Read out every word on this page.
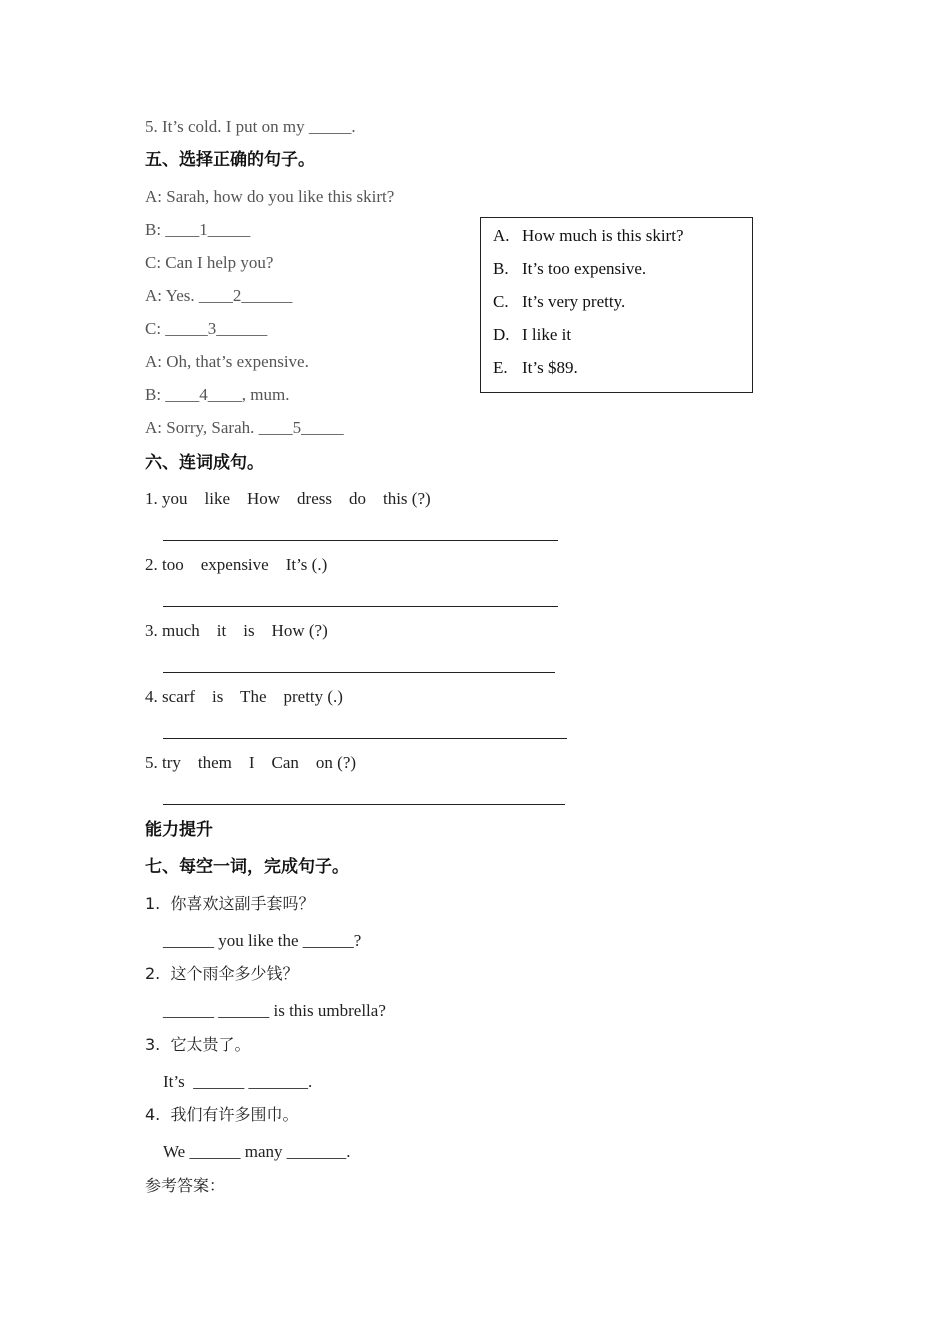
5. It’s cold. I put on my _____.
五、选择正确的句子。
A: Sarah, how do you like this skirt?
B: ____1_____
C: Can I help you?
A: Yes. ____2______
C: _____3______
A: Oh, that’s expensive.
B: ____4____, mum.
A: Sorry, Sarah. ____5_____
A. How much is this skirt?
B. It’s too expensive.
C. It’s very pretty.
D. I like it
E. It’s $89.
六、连词成句。
1. you    like    How    dress    do    this (?)
2. too    expensive    It’s (.)
3. much    it    is    How (?)
4. scarf    is    The    pretty (.)
5. try    them    I    Can    on (?)
能力提升
七、每空一词，完成句子。
1.  你喜欢这副手套吗？
______ you like the ______?
2.  这个雨伞多少钱？
______ ______ is this umbrella?
3.  它太贵了。
It’s  ______ _______.
4.  我们有许多围巾。
We ______ many _______.
参考答案：
